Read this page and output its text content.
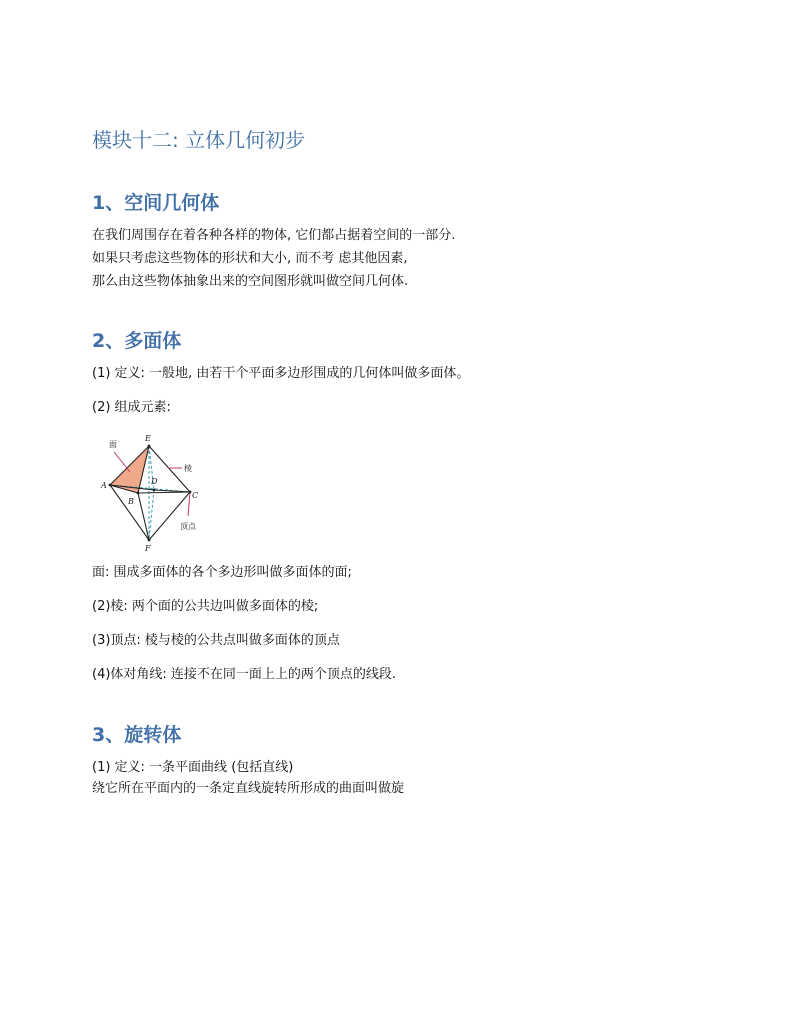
模块十二: 立体几何初步
1、空间几何体

在我们周围存在着各种各样的物体, 它们都占据着空间的一部分.

如果只考虑这些物体的形状和大小, 而不考 虑其他因素,

那么由这些物体抽象出来的空间图形就叫做空间几何体.

2、多面体

(1) 定义: 一般地, 由若干个平面多边形围成的几何体叫做多面体。

(2) 组成元素:

面
E
棱
A	D
C
B
顶点
F

面: 围成多面体的各个多边形叫做多面体的面;

(2)棱: 两个面的公共边叫做多面体的棱;

(3)顶点: 棱与棱的公共点叫做多面体的顶点

(4)体对角线: 连接不在同一面上上的两个顶点的线段.

3、旋转体

(1) 定义: 一条平面曲线 (包括直线)

绕它所在平面内的一条定直线旋转所形成的曲面叫做旋
